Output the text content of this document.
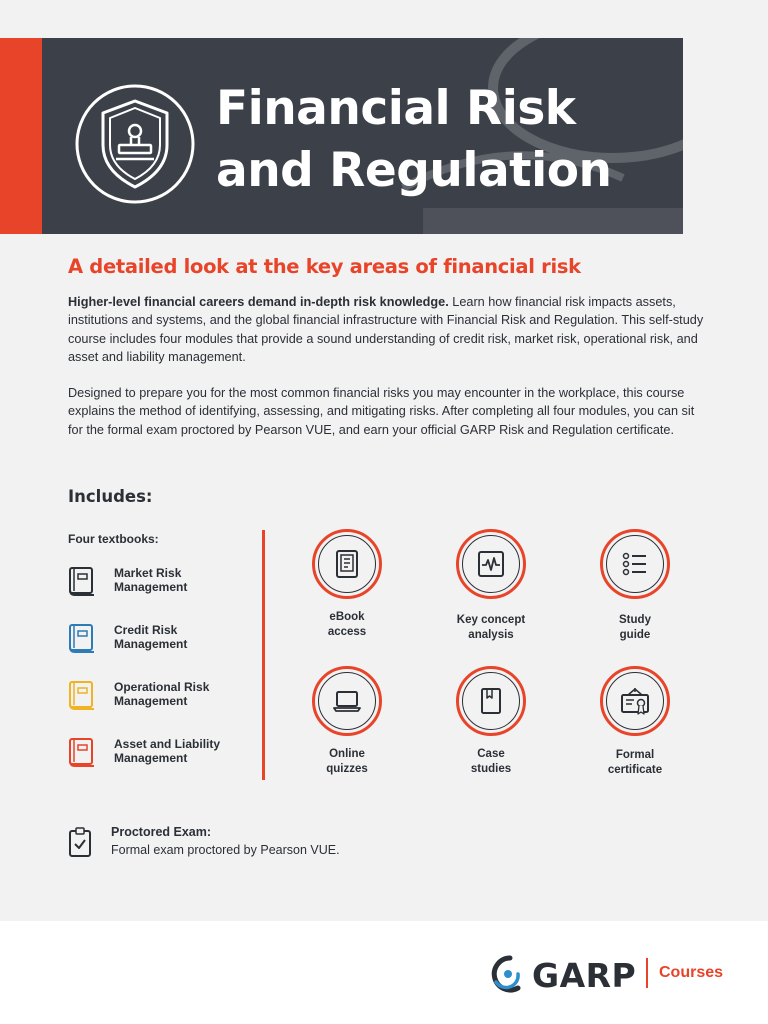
Financial Risk
and Regulation
A detailed look at the key areas of financial risk

Higher-level financial careers demand in-depth risk knowledge. Learn how financial risk impacts assets, institutions and systems, and the global financial infrastructure with Financial Risk and Regulation. This self-study course includes four modules that provide a sound understanding of credit risk, market risk, operational risk, and asset and liability management.

Designed to prepare you for the most common financial risks you may encounter in the workplace, this course explains the method of identifying, assessing, and mitigating risks. After completing all four modules, you can sit for the formal exam proctored by Pearson VUE, and earn your official GARP Risk and Regulation certificate.

Includes:
Four textbooks:
Market Risk
Management
Credit Risk
Management
Operational Risk
Management
Asset and Liability
Management
eBook
access
Key concept
analysis
Study
guide
Online
quizzes
Case
studies
Formal
certificate
Proctored Exam:
Formal exam proctored by Pearson VUE.
GARP Courses
